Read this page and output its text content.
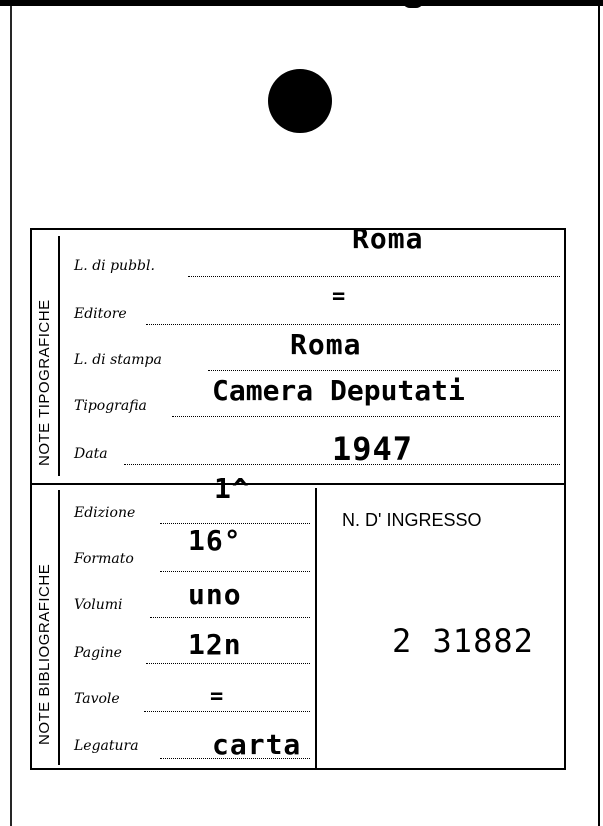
NOTE TIPOGRAFICHE
NOTE BIBLIOGRAFICHE
L. di pubbl.
Roma
Editore
=
L. di stampa	Roma
Tipografia Camera Deputati
Data	1947
Edizione
1^
Formato
16°
Volumi uno
Pagine 12n
Tavole	=
Legatura	carta
N. D' INGRESSO
2 31882
